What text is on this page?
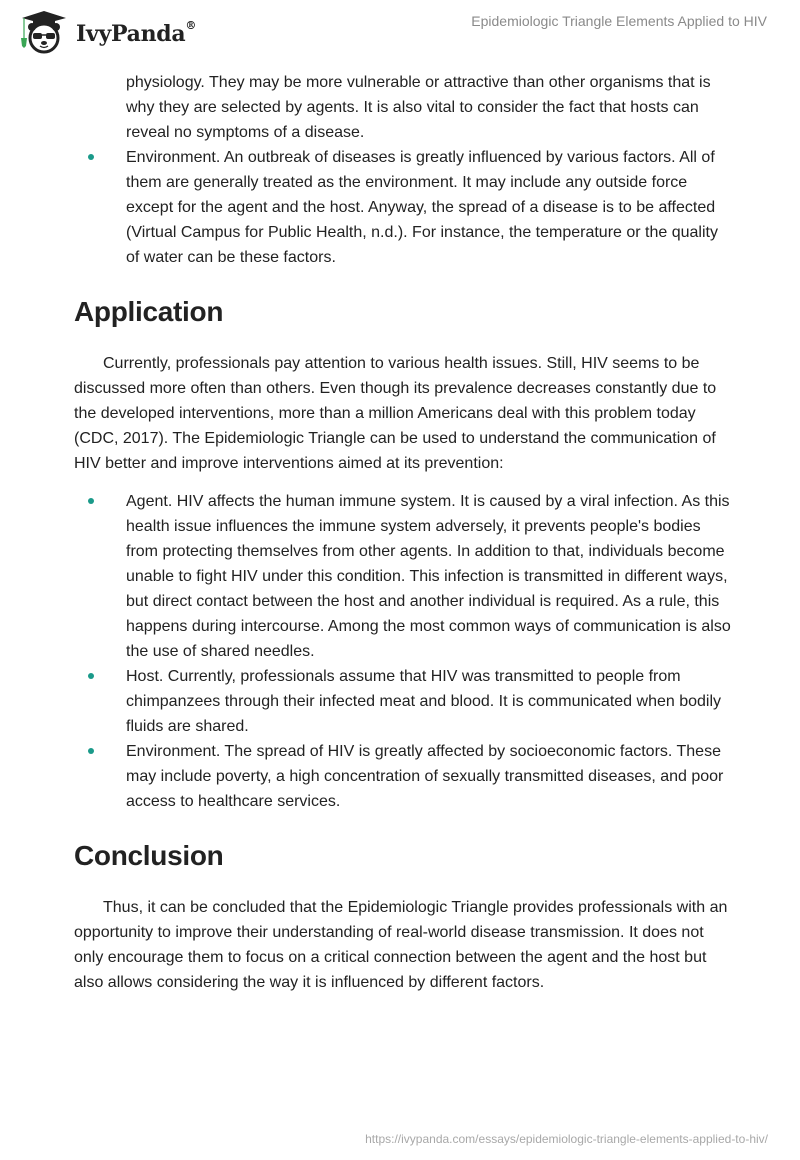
IvyPanda®	Epidemiologic Triangle Elements Applied to HIV
physiology. They may be more vulnerable or attractive than other organisms that is why they are selected by agents. It is also vital to consider the fact that hosts can reveal no symptoms of a disease.
Environment. An outbreak of diseases is greatly influenced by various factors. All of them are generally treated as the environment. It may include any outside force except for the agent and the host. Anyway, the spread of a disease is to be affected (Virtual Campus for Public Health, n.d.). For instance, the temperature or the quality of water can be these factors.
Application

Currently, professionals pay attention to various health issues. Still, HIV seems to be discussed more often than others. Even though its prevalence decreases constantly due to the developed interventions, more than a million Americans deal with this problem today (CDC, 2017). The Epidemiologic Triangle can be used to understand the communication of HIV better and improve interventions aimed at its prevention:

Agent. HIV affects the human immune system. It is caused by a viral infection. As this health issue influences the immune system adversely, it prevents people's bodies from protecting themselves from other agents. In addition to that, individuals become unable to fight HIV under this condition. This infection is transmitted in different ways, but direct contact between the host and another individual is required. As a rule, this happens during intercourse. Among the most common ways of communication is also the use of shared needles.
Host. Currently, professionals assume that HIV was transmitted to people from chimpanzees through their infected meat and blood. It is communicated when bodily fluids are shared.
Environment. The spread of HIV is greatly affected by socioeconomic factors. These may include poverty, a high concentration of sexually transmitted diseases, and poor access to healthcare services.
Conclusion

Thus, it can be concluded that the Epidemiologic Triangle provides professionals with an opportunity to improve their understanding of real-world disease transmission. It does not only encourage them to focus on a critical connection between the agent and the host but also allows considering the way it is influenced by different factors.

https://ivypanda.com/essays/epidemiologic-triangle-elements-applied-to-hiv/
